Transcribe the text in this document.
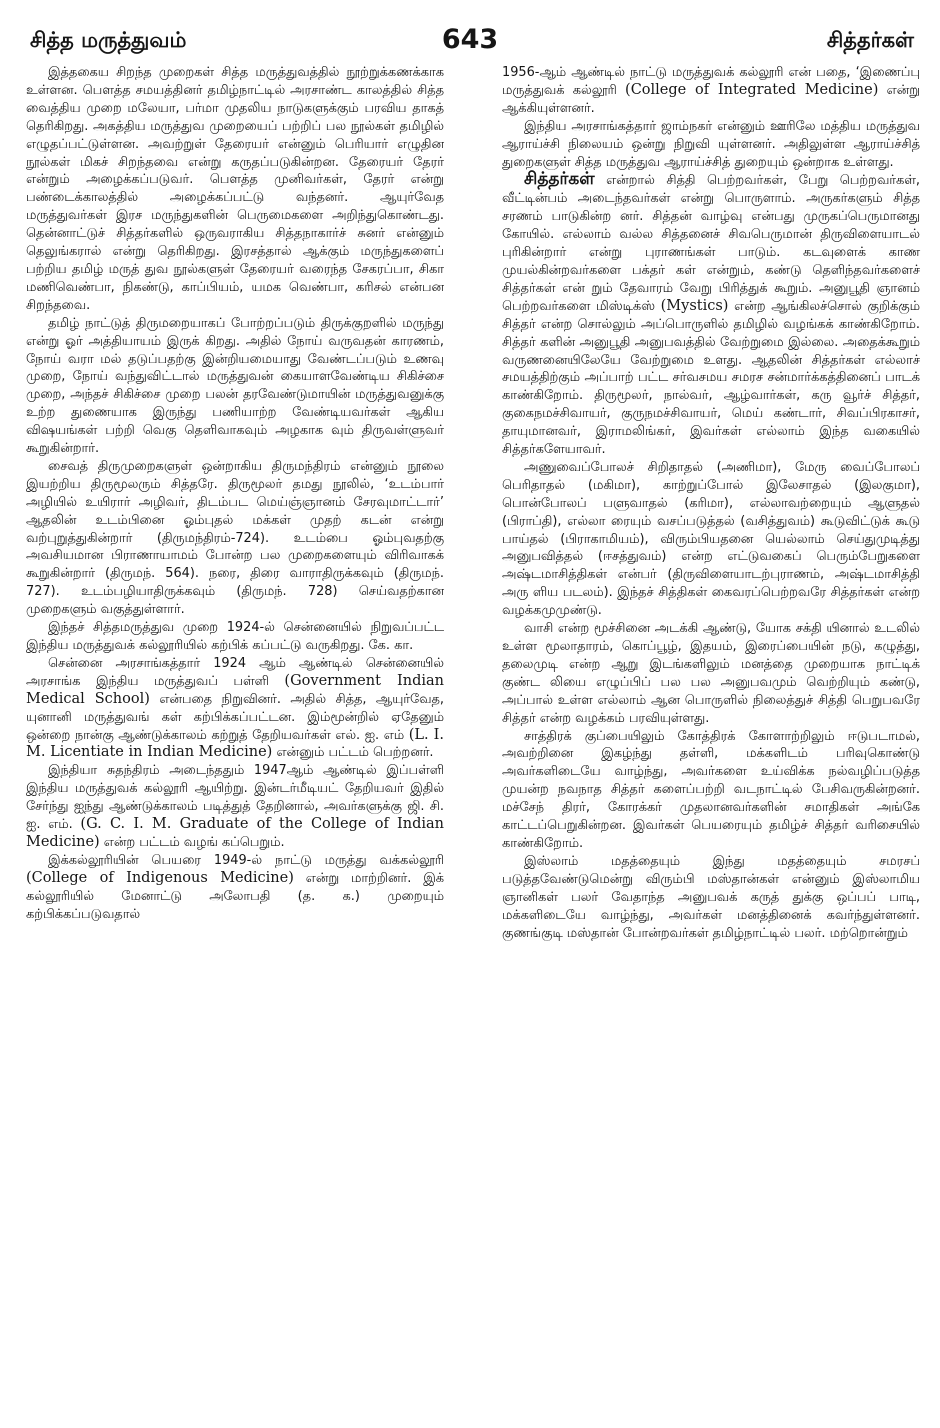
சித்த மருத்துவம்	643	சித்தர்கள்

இத்தகைய சிறந்த முறைகள் சித்த மருத்துவத்தில் நூற்றுக்கணக்காக உள்ளன. பௌத்த சமயத்தினர் தமிழ்நாட்டில் அரசாண்ட காலத்தில் சித்த வைத்திய முறை மலேயா, பர்மா முதலிய நாடுகளுக்கும் பரவிய தாகத் தெரிகிறது. அகத்திய மருத்துவ முறையைப் பற்றிப் பல நூல்கள் தமிழில் எழுதப்பட்டுள்ளன. அவற்றுள் தேரையர் என்னும் பெரியார் எழுதின நூல்கள் மிகச் சிறந்தவை என்று கருதப்படுகின்றன. தேரையர் தேரர் என்றும் அழைக்கப்படுவர். பௌத்த முனிவர்கள், தேரர் என்று பண்டைக்காலத்தில் அழைக்கப்பட்டு வந்தனர். ஆயுர்வேத மருத்துவர்கள் இரச மருந்துகளின் பெருமைகளை அறிந்துகொண்டது. தென்னாட்டுச் சித்தர்களில் ஒருவராகிய சித்தநாகார்ச் சுனர் என்னும் தெலுங்கரால் என்று தெரிகிறது. இரசத்தால் ஆக்கும் மருந்துகளைப் பற்றிய தமிழ் மருத் துவ நூல்களுள் தேரையர் வரைந்த சேகரப்பா, சிகா மணிவெண்பா, நிகண்டு, காப்பியம், யமக வெண்பா, கரிசல் என்பன சிறந்தவை.

தமிழ் நாட்டுத் திருமறையாகப் போற்றப்படும் திருக்குறளில் மருந்து என்று ஓர் அத்தியாயம் இருக் கிறது. அதில் நோய் வருவதன் காரணம், நோய் வரா மல் தடுப்பதற்கு இன்றியமையாது வேண்டப்படும் உணவு முறை, நோய் வந்துவிட்டால் மருத்துவன் கையாளவேண்டிய சிகிச்சை முறை, அந்தச் சிகிச்சை முறை பலன் தரவேண்டுமாயின் மருத்துவனுக்கு உற்ற துணையாக இருந்து பணியாற்ற வேண்டியவர்கள் ஆகிய விஷயங்கள் பற்றி வெகு தெளிவாகவும் அழகாக வும் திருவள்ளுவர் கூறுகின்றார்.

சைவத் திருமுறைகளுள் ஒன்றாகிய திருமந்திரம் என்னும் நூலை இயற்றிய திருமூலரும் சித்தரே. திருமூலர் தமது நூலில், ‘உடம்பார் அழியில் உயிரார் அழிவர், திடம்பட மெய்ஞ்ஞானம் சேரவுமாட்டார்’ ஆதலின் உடம்பினை ஓம்புதல் மக்கள் முதற் கடன் என்று வற்புறுத்துகின்றார் (திருமந்திரம்-724). உடம்பை ஓம்புவதற்கு அவசியமான பிராணாயாமம் போன்ற பல முறைகளையும் விரிவாகக் கூறுகின்றார் (திருமந். 564). நரை, திரை வாராதிருக்கவும் (திருமந். 727). உடம்பழியாதிருக்கவும் (திருமந். 728) செய்வதற்கான முறைகளும் வகுத்துள்ளார்.

இந்தச் சித்தமருத்துவ முறை 1924-ல் சென்னையில் நிறுவப்பட்ட இந்திய மருத்துவக் கல்லூரியில் கற்பிக் கப்பட்டு வருகிறது. கே. கா.

சென்னை அரசாங்கத்தார் 1924 ஆம் ஆண்டில் சென்னையில் அரசாங்க இந்திய மருத்துவப் பள்ளி (Government Indian Medical School) என்பதை நிறுவினர். அதில் சித்த, ஆயுர்வேத, யுனானி மருத்துவங் கள் கற்பிக்கப்பட்டன. இம்மூன்றில் ஏதேனும் ஒன்றை நான்கு ஆண்டுக்காலம் கற்றுத் தேறியவர்கள் எல். ஐ. எம் (L. I. M. Licentiate in Indian Medicine) என்னும் பட்டம் பெற்றனர்.

இந்தியா சுதந்திரம் அடைந்ததும் 1947ஆம் ஆண்டில் இப்பள்ளி இந்திய மருத்துவக் கல்லூரி ஆயிற்று. இன்டர்மீடியட் தேறியவர் இதில் சேர்ந்து ஐந்து ஆண்டுக்காலம் படித்துத் தேறினால், அவர்களுக்கு ஜி. சி. ஐ. எம். (G. C. I. M. Graduate of the College of Indian Medicine) என்ற பட்டம் வழங் கப்பெறும்.

இக்கல்லூரியின் பெயரை 1949-ல் நாட்டு மருத்து வக்கல்லூரி (College of Indigenous Medicine) என்று மாற்றினர். இக் கல்லூரியில் மேனாட்டு அலோபதி (த. க.) முறையும் கற்பிக்கப்படுவதால்

1956-ஆம் ஆண்டில் நாட்டு மருத்துவக் கல்லூரி என் பதை, ‘இணைப்பு மருத்துவக் கல்லூரி (College of Integrated Medicine) என்று ஆக்கியுள்ளனர்.

இந்திய அரசாங்கத்தார் ஜாம்நகர் என்னும் ஊரிலே மத்திய மருத்துவ ஆராய்ச்சி நிலையம் ஒன்று நிறுவி யுள்ளனர். அதிலுள்ள ஆராய்ச்சித் துறைகளுள் சித்த மருத்துவ ஆராய்ச்சித் துறையும் ஒன்றாக உள்ளது.

சித்தர்கள் என்றால் சித்தி பெற்றவர்கள், பேறு பெற்றவர்கள், வீட்டின்பம் அடைந்தவர்கள் என்று பொருளாம். அருகர்களும் சித்த சரணம் பாடுகின்ற னர். சித்தன் வாழ்வு என்பது முருகப்பெருமானது கோயில். எல்லாம் வல்ல சித்தனைச் சிவபெருமான் திருவிளையாடல் புரிகின்றார் என்று புராணங்கள் பாடும். கடவுளைக் காண முயல்கின்றவர்களை பக்தர் கள் என்றும், கண்டு தெளிந்தவர்களைச் சித்தர்கள் என் றும் தேவாரம் வேறு பிரித்துக் கூறும். அனுபூதி ஞானம் பெற்றவர்களை மிஸ்டிக்ஸ் (Mystics) என்ற ஆங்கிலச்சொல் குறிக்கும் சித்தர் என்ற சொல்லும் அப்பொருளில் தமிழில் வழங்கக் காண்கிறோம். சித்தர் களின் அனுபூதி அனுபவத்தில் வேற்றுமை இல்லை. அதைக்கூறும் வருணனையிலேயே வேற்றுமை உளது. ஆதலின் சித்தர்கள் எல்லாச் சமயத்திற்கும் அப்பாற் பட்ட சர்வசமய சமரச சன்மார்க்கத்தினைப் பாடக் காண்கிறோம். திருமூலர், நால்வர், ஆழ்வார்கள், கரு வூர்ச் சித்தர், குகைநமச்சிவாயர், குருநமச்சிவாயர், மெய் கண்டார், சிவப்பிரகாசர், தாயுமானவர், இராமலிங்கர், இவர்கள் எல்லாம் இந்த வகையில் சித்தர்களேயாவர்.

அணுவைப்போலச் சிறிதாதல் (அணிமா), மேரு வைப்போலப் பெரிதாதல் (மகிமா), காற்றுப்போல் இலேசாதல் (இலகுமா), பொன்போலப் பளுவாதல் (கரிமா), எல்லாவற்றையும் ஆளுதல் (பிராப்தி), எல்லா ரையும் வசப்படுத்தல் (வசித்துவம்) கூடுவிட்டுக் கூடு பாய்தல் (பிராகாமியம்), விரும்பியதனை யெல்லாம் செய்துமுடித்து அனுபவித்தல் (ஈசத்துவம்) என்ற எட்டுவகைப் பெரும்பேறுகளை அஷ்டமாசித்திகள் என்பர் (திருவிளையாடற்புராணம், அஷ்டமாசித்தி அரு ளிய படலம்). இந்தச் சித்திகள் கைவரப்பெற்றவரே சித்தர்கள் என்ற வழக்கமுமுண்டு.

வாசி என்ற மூச்சினை அடக்கி ஆண்டு, யோக சக்தி யினால் உடலில் உள்ள மூலாதாரம், கொப்பூழ், இதயம், இரைப்பையின் நடு, கழுத்து, தலைமுடி என்ற ஆறு இடங்களிலும் மனத்தை முறையாக நாட்டிக் குண்ட லியை எழுப்பிப் பல பல அனுபவமும் வெற்றியும் கண்டு, அப்பால் உள்ள எல்லாம் ஆன பொருளில் நிலைத்துச் சித்தி பெறுபவரே சித்தர் என்ற வழக்கம் பரவியுள்ளது.

சாத்திரக் குப்பையிலும் கோத்திரக் கோளாற்றிலும் ஈடுபடாமல், அவற்றினை இகழ்ந்து தள்ளி, மக்களிடம் பரிவுகொண்டு அவர்களிடையே வாழ்ந்து, அவர்களை உய்விக்க நல்வழிப்படுத்த முயன்ற நவநாத சித்தர் களைப்பற்றி வடநாட்டில் பேசிவருகின்றனர். மச்சேந் திரர், கோரக்கர் முதலானவர்களின் சமாதிகள் அங்கே காட்டப்பெறுகின்றன. இவர்கள் பெயரையும் தமிழ்ச் சித்தர் வரிசையில் காண்கிறோம்.

இஸ்லாம் மதத்தையும் இந்து மதத்தையும் சமரசப் படுத்தவேண்டுமென்று விரும்பி மஸ்தான்கள் என்னும் இஸ்லாமிய ஞானிகள் பலர் வேதாந்த அனுபவக் கருத் துக்கு ஒப்பப் பாடி, மக்களிடையே வாழ்ந்து, அவர்கள் மனத்தினைக் கவர்ந்துள்ளனர். குணங்குடி மஸ்தான் போன்றவர்கள் தமிழ்நாட்டில் பலர். மற்றொன்றும்
